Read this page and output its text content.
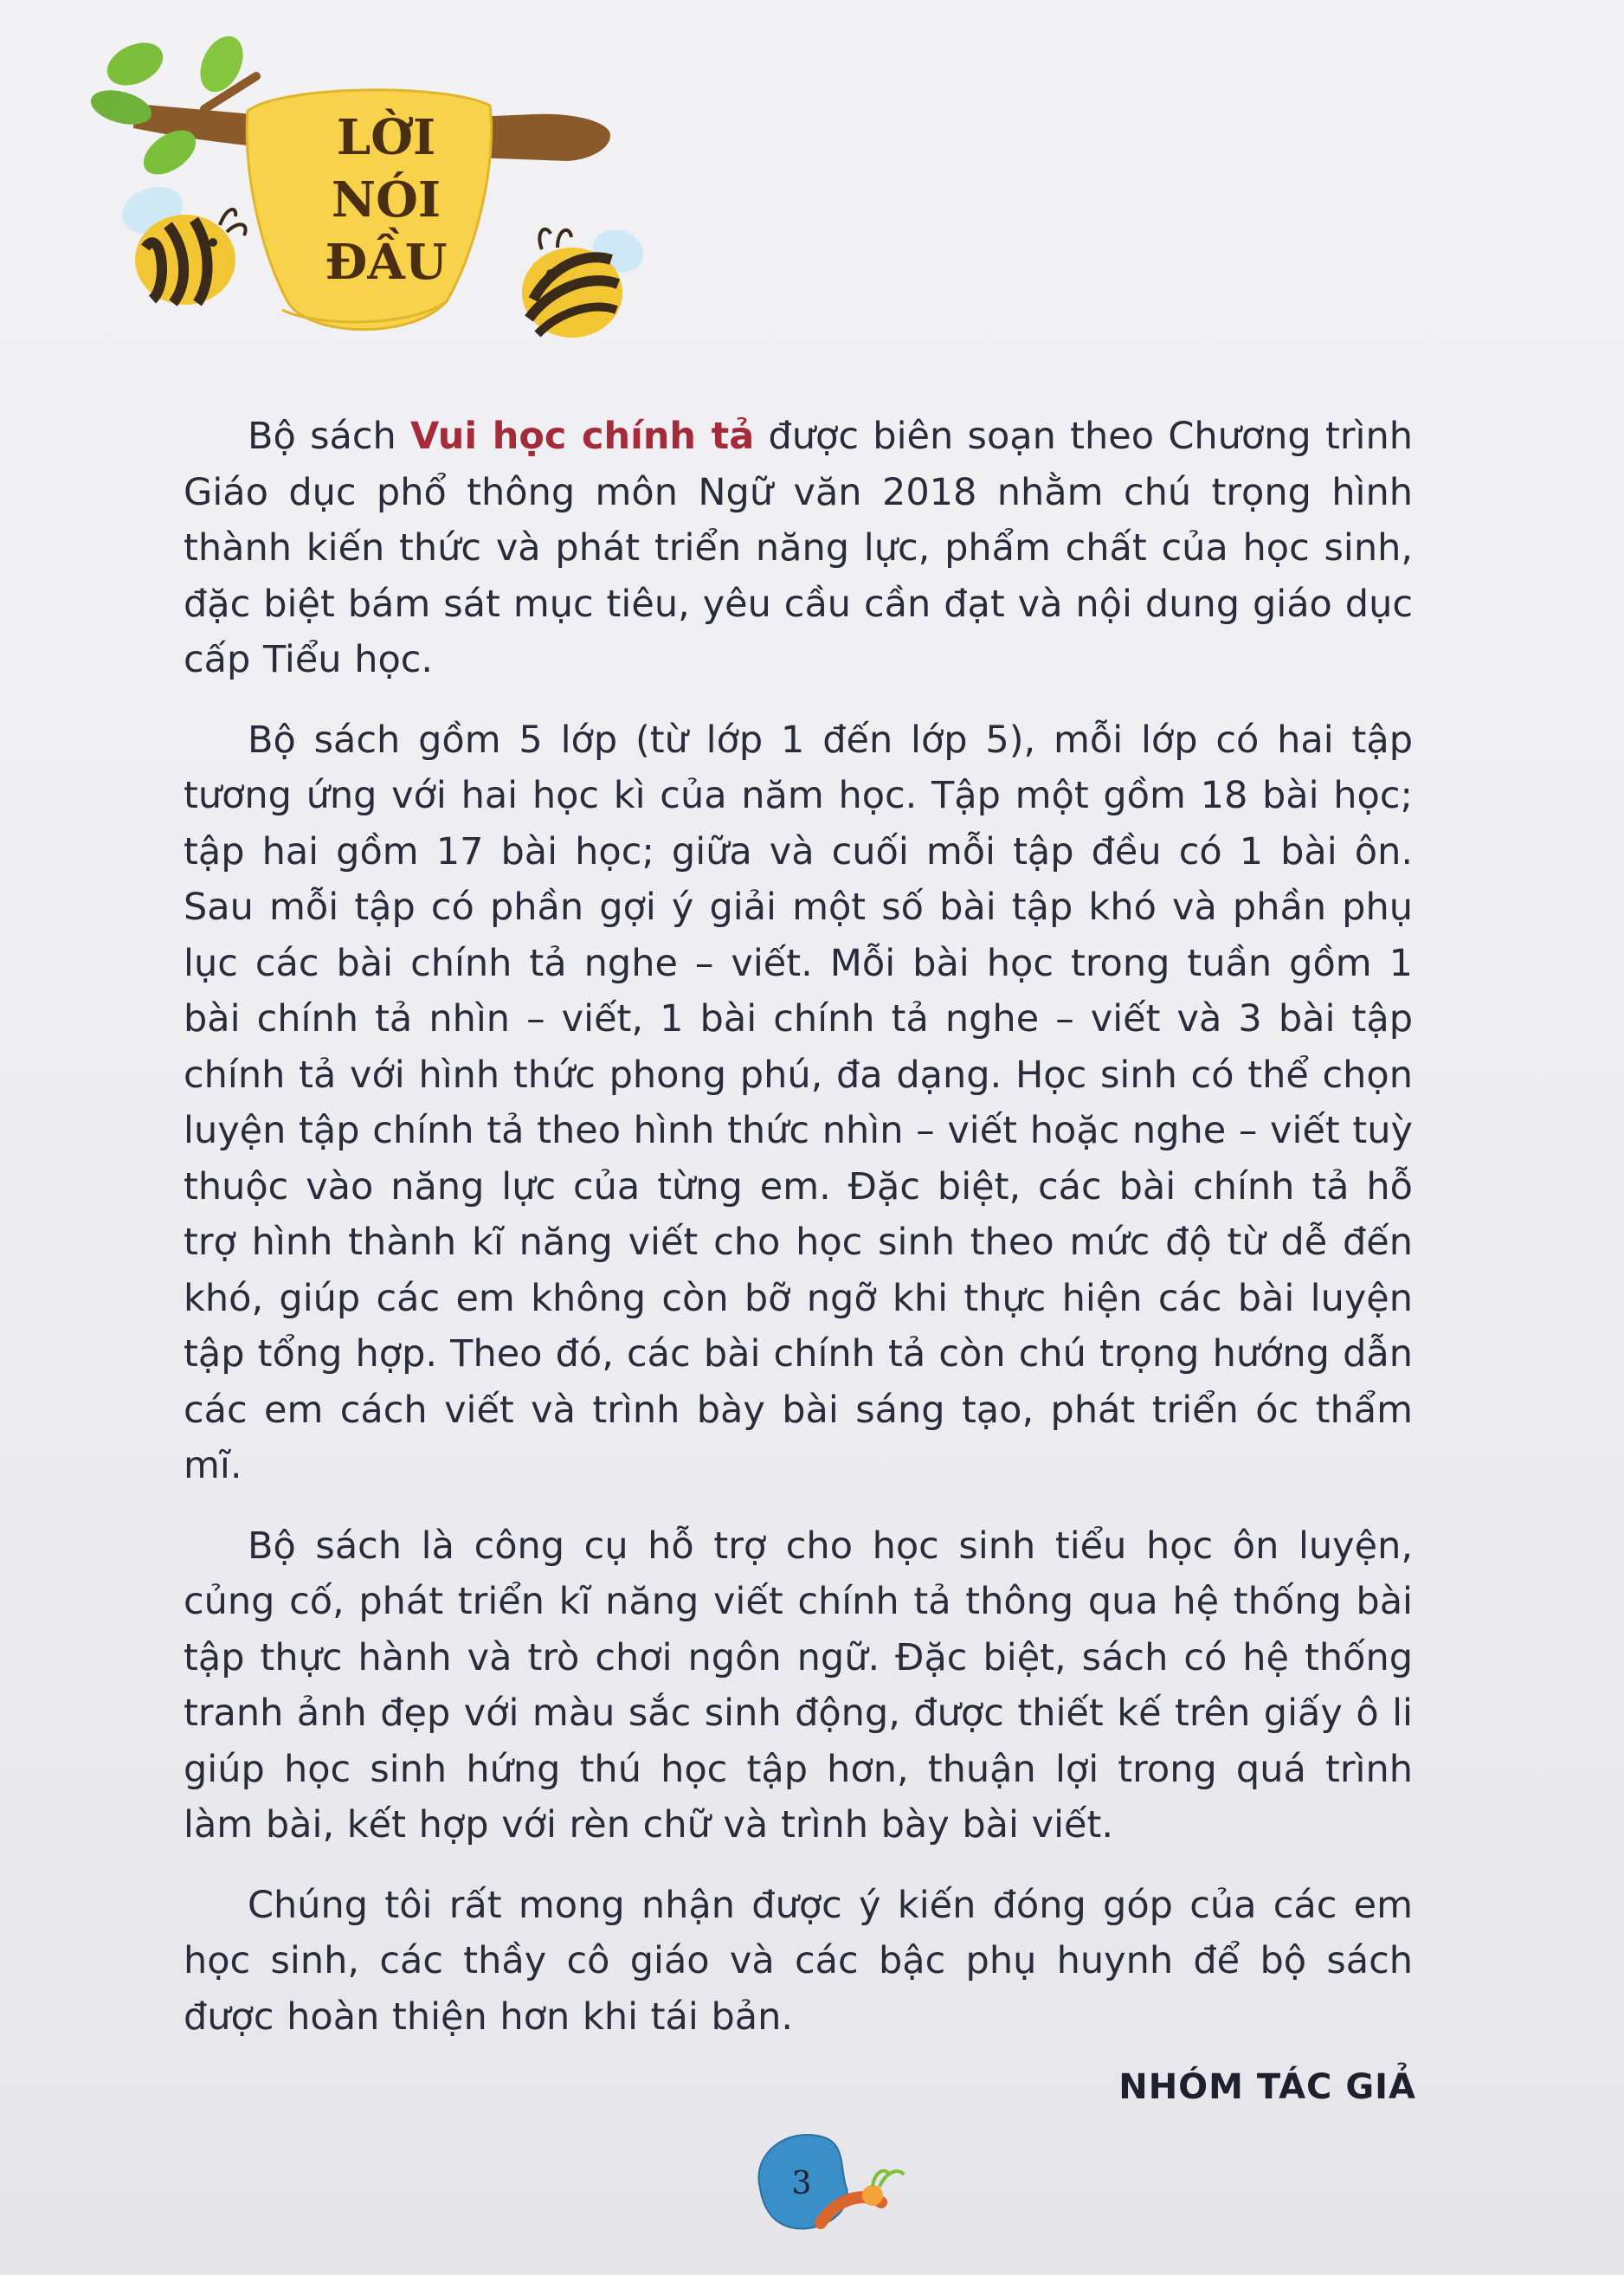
LỜI
NÓI
ĐẦU

Bộ sách Vui học chính tả được biên soạn theo Chương trình Giáo dục phổ thông môn Ngữ văn 2018 nhằm chú trọng hình thành kiến thức và phát triển năng lực, phẩm chất của học sinh, đặc biệt bám sát mục tiêu, yêu cầu cần đạt và nội dung giáo dục cấp Tiểu học.

Bộ sách gồm 5 lớp (từ lớp 1 đến lớp 5), mỗi lớp có hai tập tương ứng với hai học kì của năm học. Tập một gồm 18 bài học; tập hai gồm 17 bài học; giữa và cuối mỗi tập đều có 1 bài ôn. Sau mỗi tập có phần gợi ý giải một số bài tập khó và phần phụ lục các bài chính tả nghe – viết. Mỗi bài học trong tuần gồm 1 bài chính tả nhìn – viết, 1 bài chính tả nghe – viết và 3 bài tập chính tả với hình thức phong phú, đa dạng. Học sinh có thể chọn luyện tập chính tả theo hình thức nhìn – viết hoặc nghe – viết tuỳ thuộc vào năng lực của từng em. Đặc biệt, các bài chính tả hỗ trợ hình thành kĩ năng viết cho học sinh theo mức độ từ dễ đến khó, giúp các em không còn bỡ ngỡ khi thực hiện các bài luyện tập tổng hợp. Theo đó, các bài chính tả còn chú trọng hướng dẫn các em cách viết và trình bày bài sáng tạo, phát triển óc thẩm mĩ.

Bộ sách là công cụ hỗ trợ cho học sinh tiểu học ôn luyện, củng cố, phát triển kĩ năng viết chính tả thông qua hệ thống bài tập thực hành và trò chơi ngôn ngữ. Đặc biệt, sách có hệ thống tranh ảnh đẹp với màu sắc sinh động, được thiết kế trên giấy ô li giúp học sinh hứng thú học tập hơn, thuận lợi trong quá trình làm bài, kết hợp với rèn chữ và trình bày bài viết.

Chúng tôi rất mong nhận được ý kiến đóng góp của các em học sinh, các thầy cô giáo và các bậc phụ huynh để bộ sách được hoàn thiện hơn khi tái bản.

NHÓM TÁC GIẢ
3
